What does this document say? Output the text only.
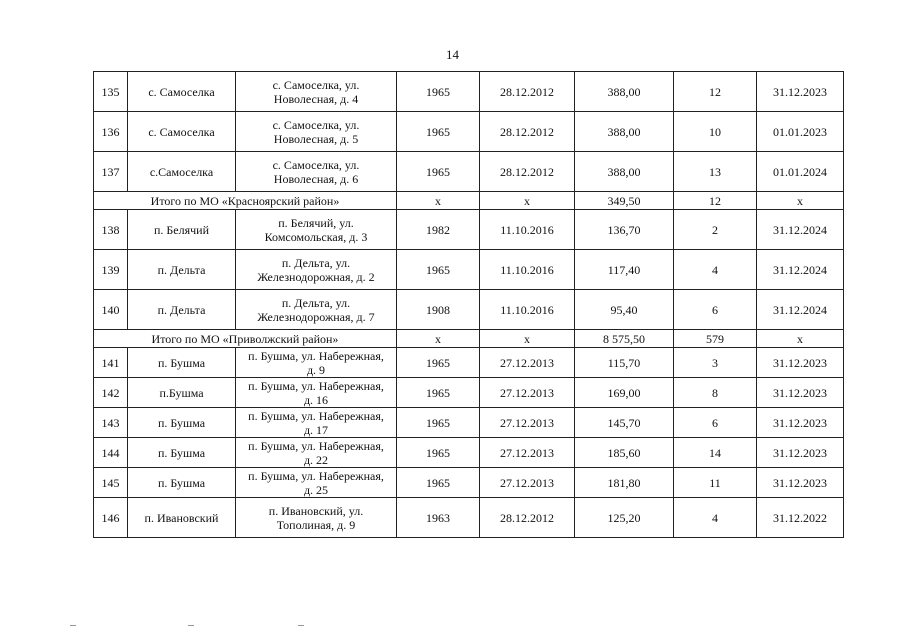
14
135	с. Самоселка	с. Самоселка, ул.
Новолесная, д. 4	1965	28.12.2012	388,00	12	31.12.2023
136	с. Самоселка	с. Самоселка, ул.
Новолесная, д. 5	1965	28.12.2012	388,00	10	01.01.2023
137	с.Самоселка	с. Самоселка, ул.
Новолесная, д. 6	1965	28.12.2012	388,00	13	01.01.2024
Итого по МО «Красноярский район»			х	х	349,50	12	х
138	п. Белячий	п. Белячий, ул.
Комсомольская, д. 3	1982	11.10.2016	136,70	2	31.12.2024
139	п. Дельта	п. Дельта, ул.
Железнодорожная, д. 2	1965	11.10.2016	117,40	4	31.12.2024
140	п. Дельта	п. Дельта, ул.
Железнодорожная, д. 7	1908	11.10.2016	95,40	6	31.12.2024
Итого по МО «Приволжский район»			х	х	8 575,50	579	х
141	п. Бушма	п. Бушма, ул. Набережная,
д. 9	1965	27.12.2013	115,70	3	31.12.2023
142	п.Бушма	п. Бушма, ул. Набережная,
д. 16	1965	27.12.2013	169,00	8	31.12.2023
143	п. Бушма	п. Бушма, ул. Набережная,
д. 17	1965	27.12.2013	145,70	6	31.12.2023
144	п. Бушма	п. Бушма, ул. Набережная,
д. 22	1965	27.12.2013	185,60	14	31.12.2023
145	п. Бушма	п. Бушма, ул. Набережная,
д. 25	1965	27.12.2013	181,80	11	31.12.2023
146	п. Ивановский	п. Ивановский, ул.
Тополиная, д. 9	1963	28.12.2012	125,20	4	31.12.2022
